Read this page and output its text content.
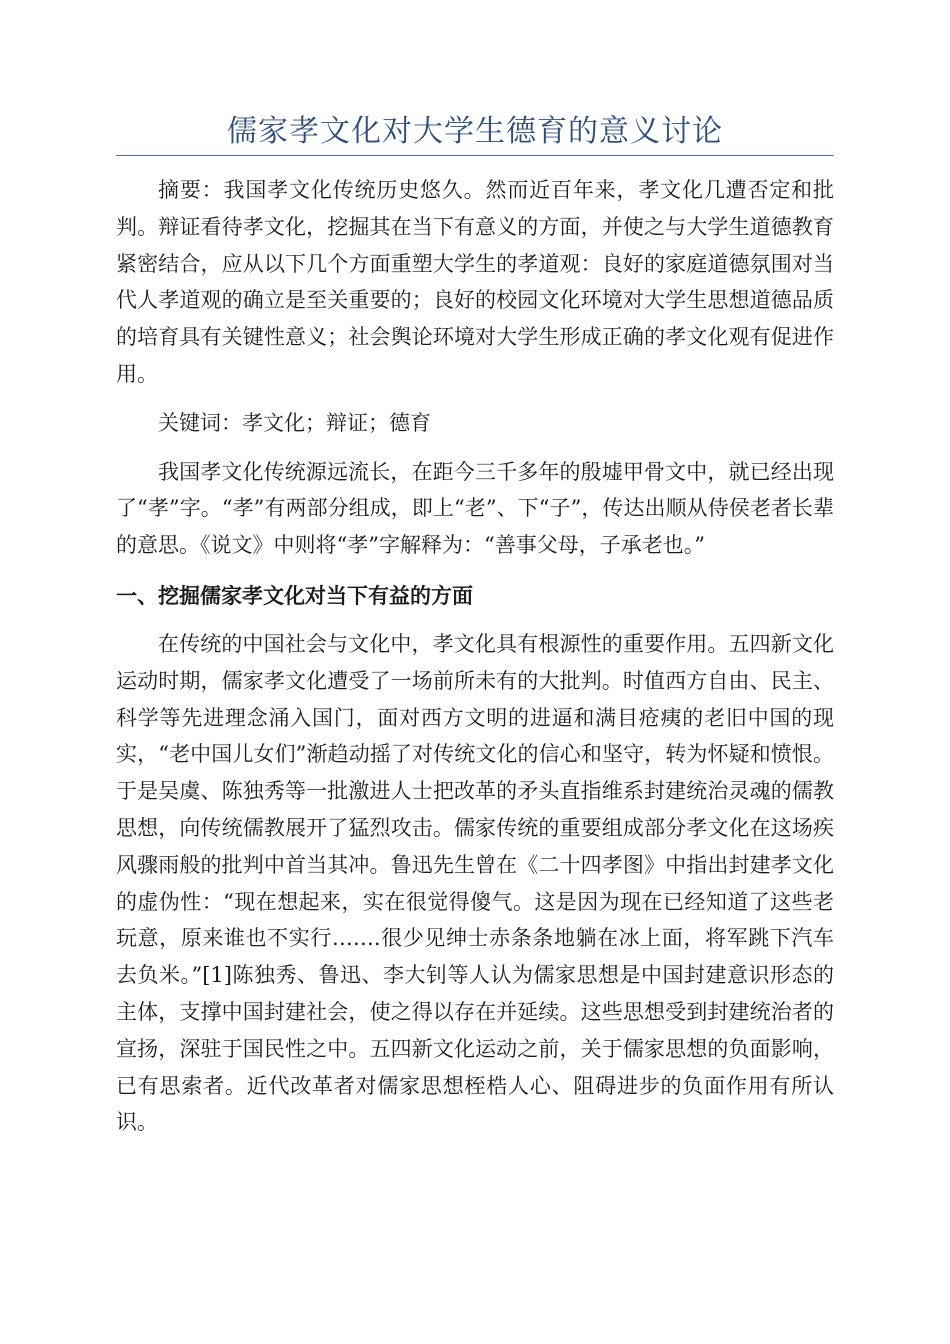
儒家孝文化对大学生德育的意义讨论

摘要：我国孝文化传统历史悠久。然而近百年来，孝文化几遭否定和批判。辩证看待孝文化，挖掘其在当下有意义的方面，并使之与大学生道德教育紧密结合，应从以下几个方面重塑大学生的孝道观：良好的家庭道德氛围对当代人孝道观的确立是至关重要的；良好的校园文化环境对大学生思想道德品质的培育具有关键性意义；社会舆论环境对大学生形成正确的孝文化观有促进作用。

关键词：孝文化；辩证；德育

我国孝文化传统源远流长，在距今三千多年的殷墟甲骨文中，就已经出现了“孝”字。“孝”有两部分组成，即上“老”、下“子”，传达出顺从侍侯老者长辈的意思。《说文》中则将“孝”字解释为：“善事父母，子承老也。”

一、挖掘儒家孝文化对当下有益的方面

在传统的中国社会与文化中，孝文化具有根源性的重要作用。五四新文化运动时期，儒家孝文化遭受了一场前所未有的大批判。时值西方自由、民主、科学等先进理念涌入国门，面对西方文明的进逼和满目疮痍的老旧中国的现实，“老中国儿女们”渐趋动摇了对传统文化的信心和坚守，转为怀疑和愤恨。于是吴虞、陈独秀等一批激进人士把改革的矛头直指维系封建统治灵魂的儒教思想，向传统儒教展开了猛烈攻击。儒家传统的重要组成部分孝文化在这场疾风骤雨般的批判中首当其冲。鲁迅先生曾在《二十四孝图》中指出封建孝文化的虚伪性：“现在想起来，实在很觉得傻气。这是因为现在已经知道了这些老玩意，原来谁也不实行…….很少见绅士赤条条地躺在冰上面，将军跳下汽车去负米。”[1]陈独秀、鲁迅、李大钊等人认为儒家思想是中国封建意识形态的主体，支撑中国封建社会，使之得以存在并延续。这些思想受到封建统治者的宣扬，深驻于国民性之中。五四新文化运动之前，关于儒家思想的负面影响，已有思索者。近代改革者对儒家思想桎梏人心、阻碍进步的负面作用有所认识。
